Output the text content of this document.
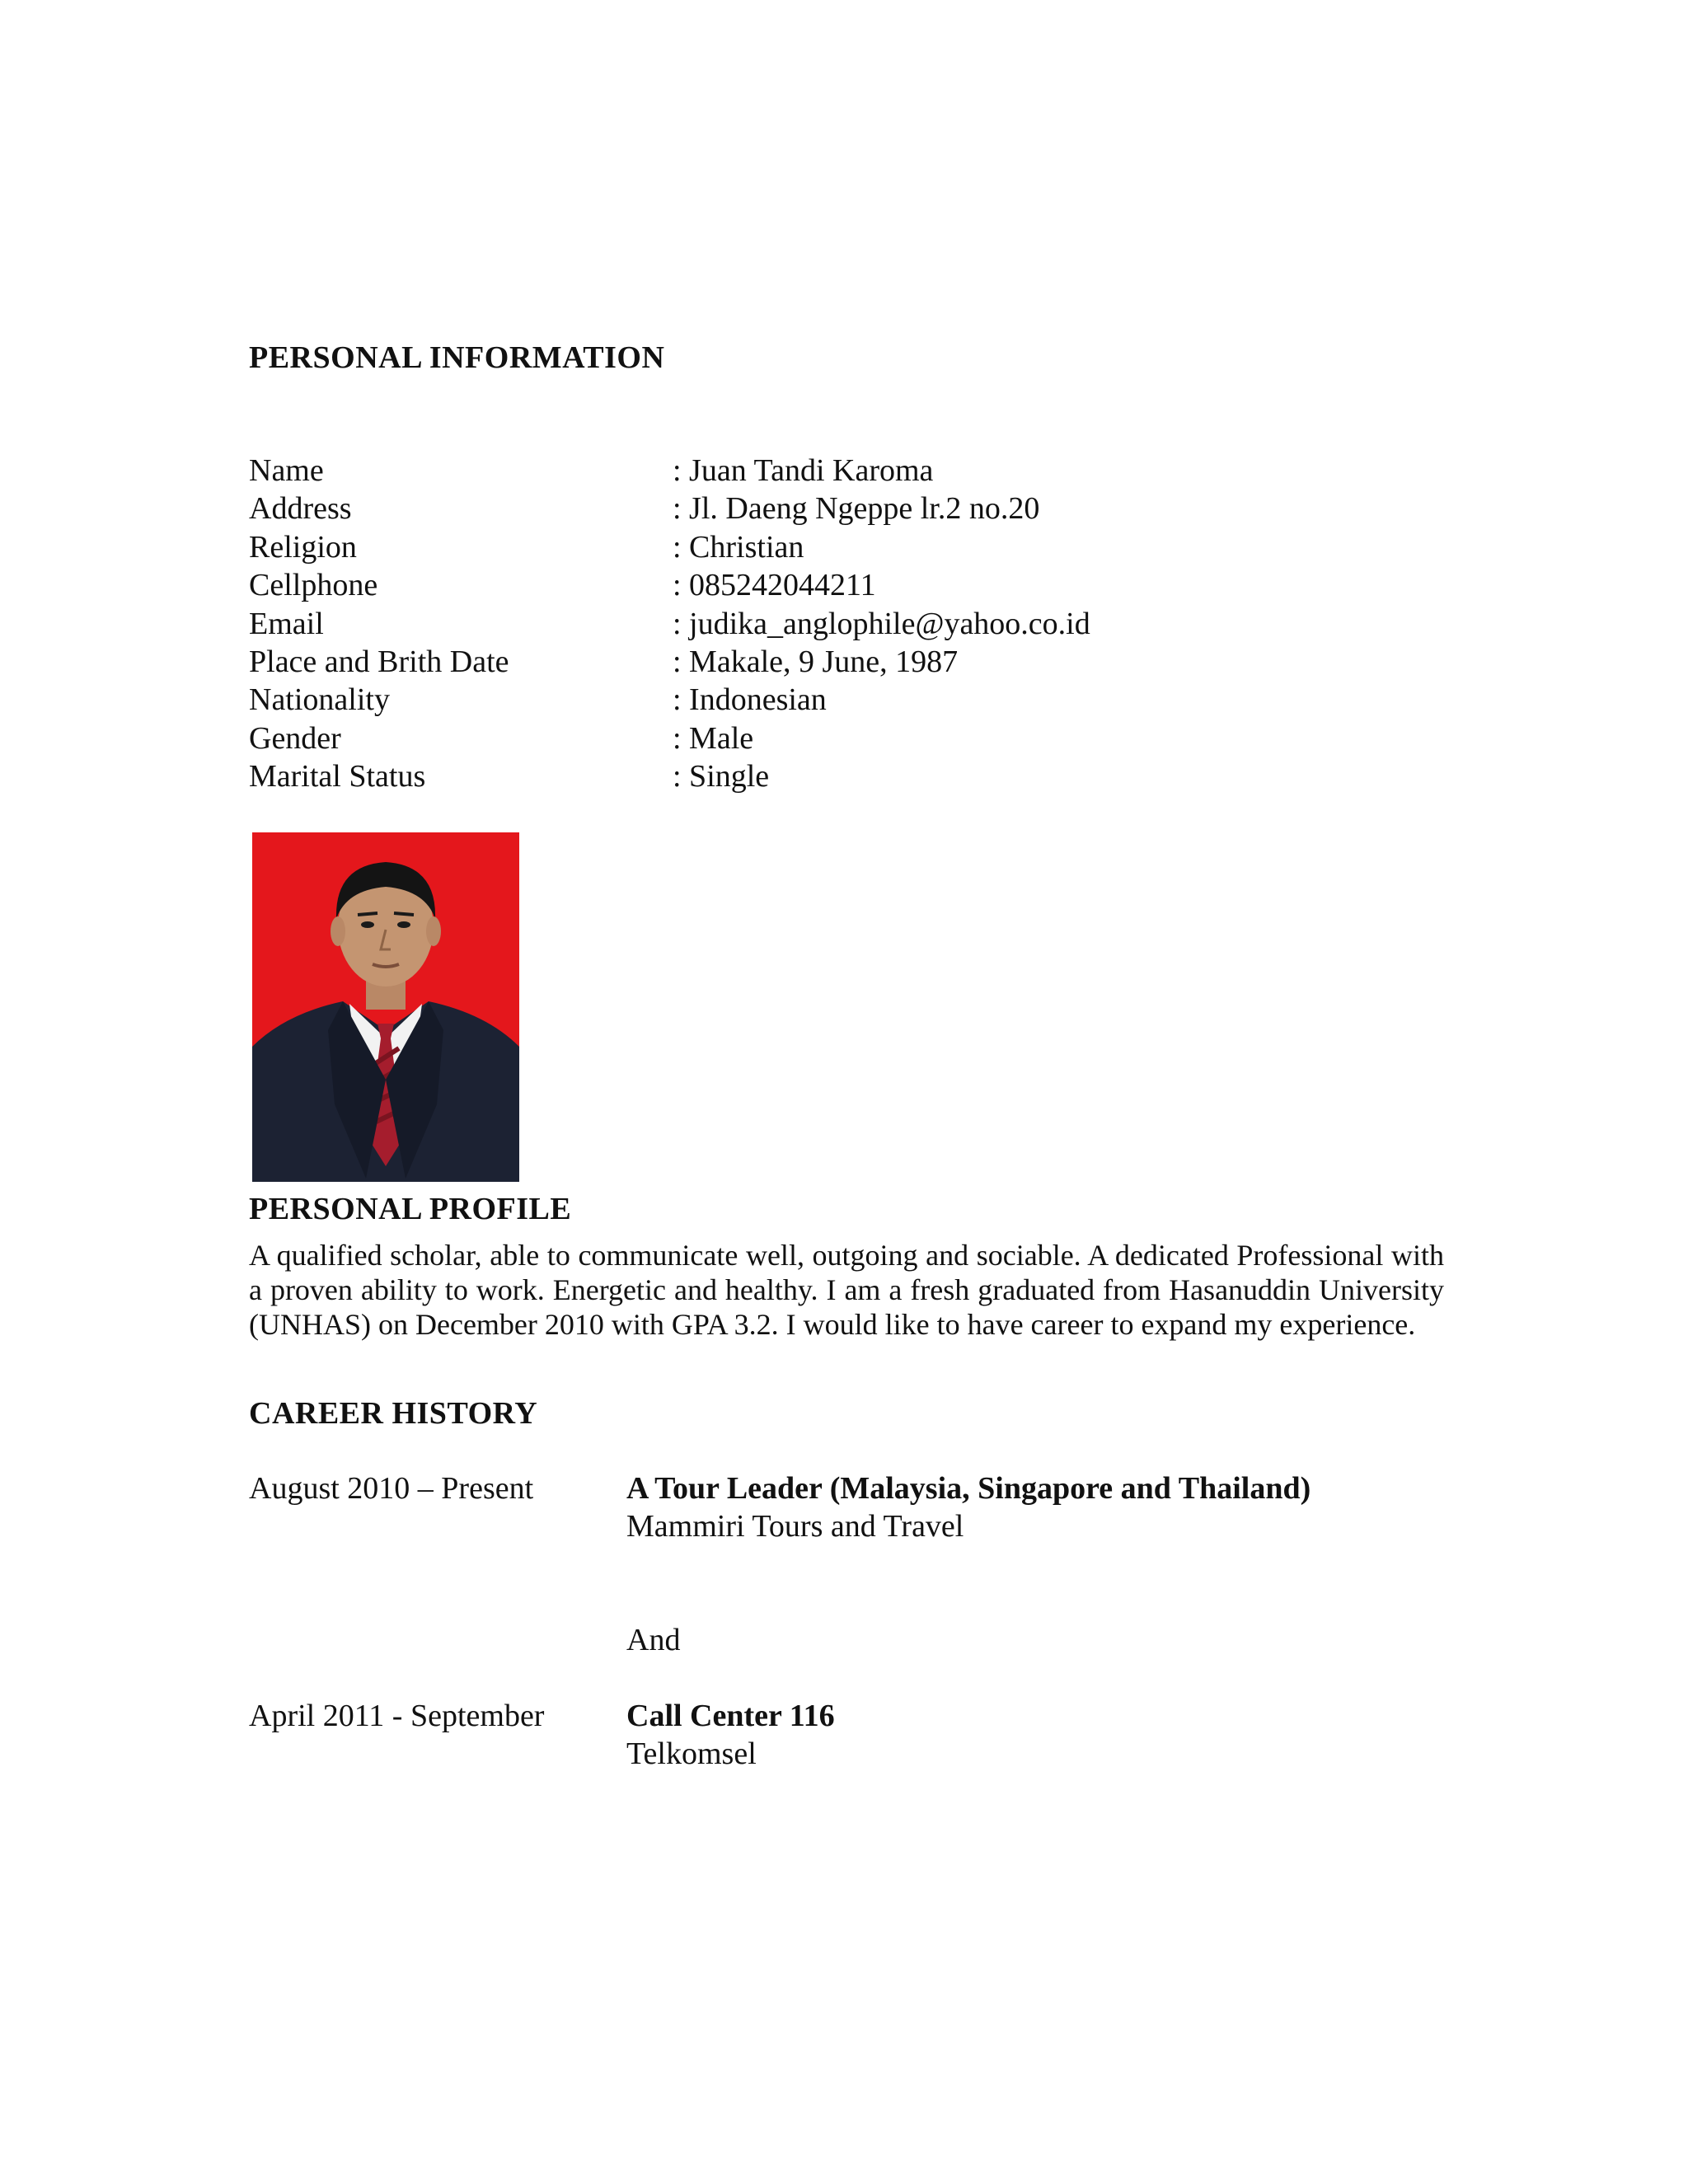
PERSONAL INFORMATION
Name	: Juan Tandi Karoma
Address	: Jl. Daeng Ngeppe lr.2 no.20
Religion	: Christian
Cellphone	: 085242044211
Email	: judika_anglophile@yahoo.co.id
Place and Brith Date	: Makale, 9 June, 1987
Nationality	: Indonesian
Gender	: Male
Marital Status	: Single
PERSONAL PROFILE

A qualified scholar, able to communicate well, outgoing and sociable. A dedicated Professional with a proven ability to work. Energetic and healthy. I am a fresh graduated from Hasanuddin University (UNHAS) on December 2010 with GPA 3.2. I would like to have career to expand my experience.

CAREER HISTORY
August 2010 – Present	A Tour Leader (Malaysia, Singapore and Thailand)
Mammiri Tours and Travel
And
April 2011 - September	Call Center 116
Telkomsel
